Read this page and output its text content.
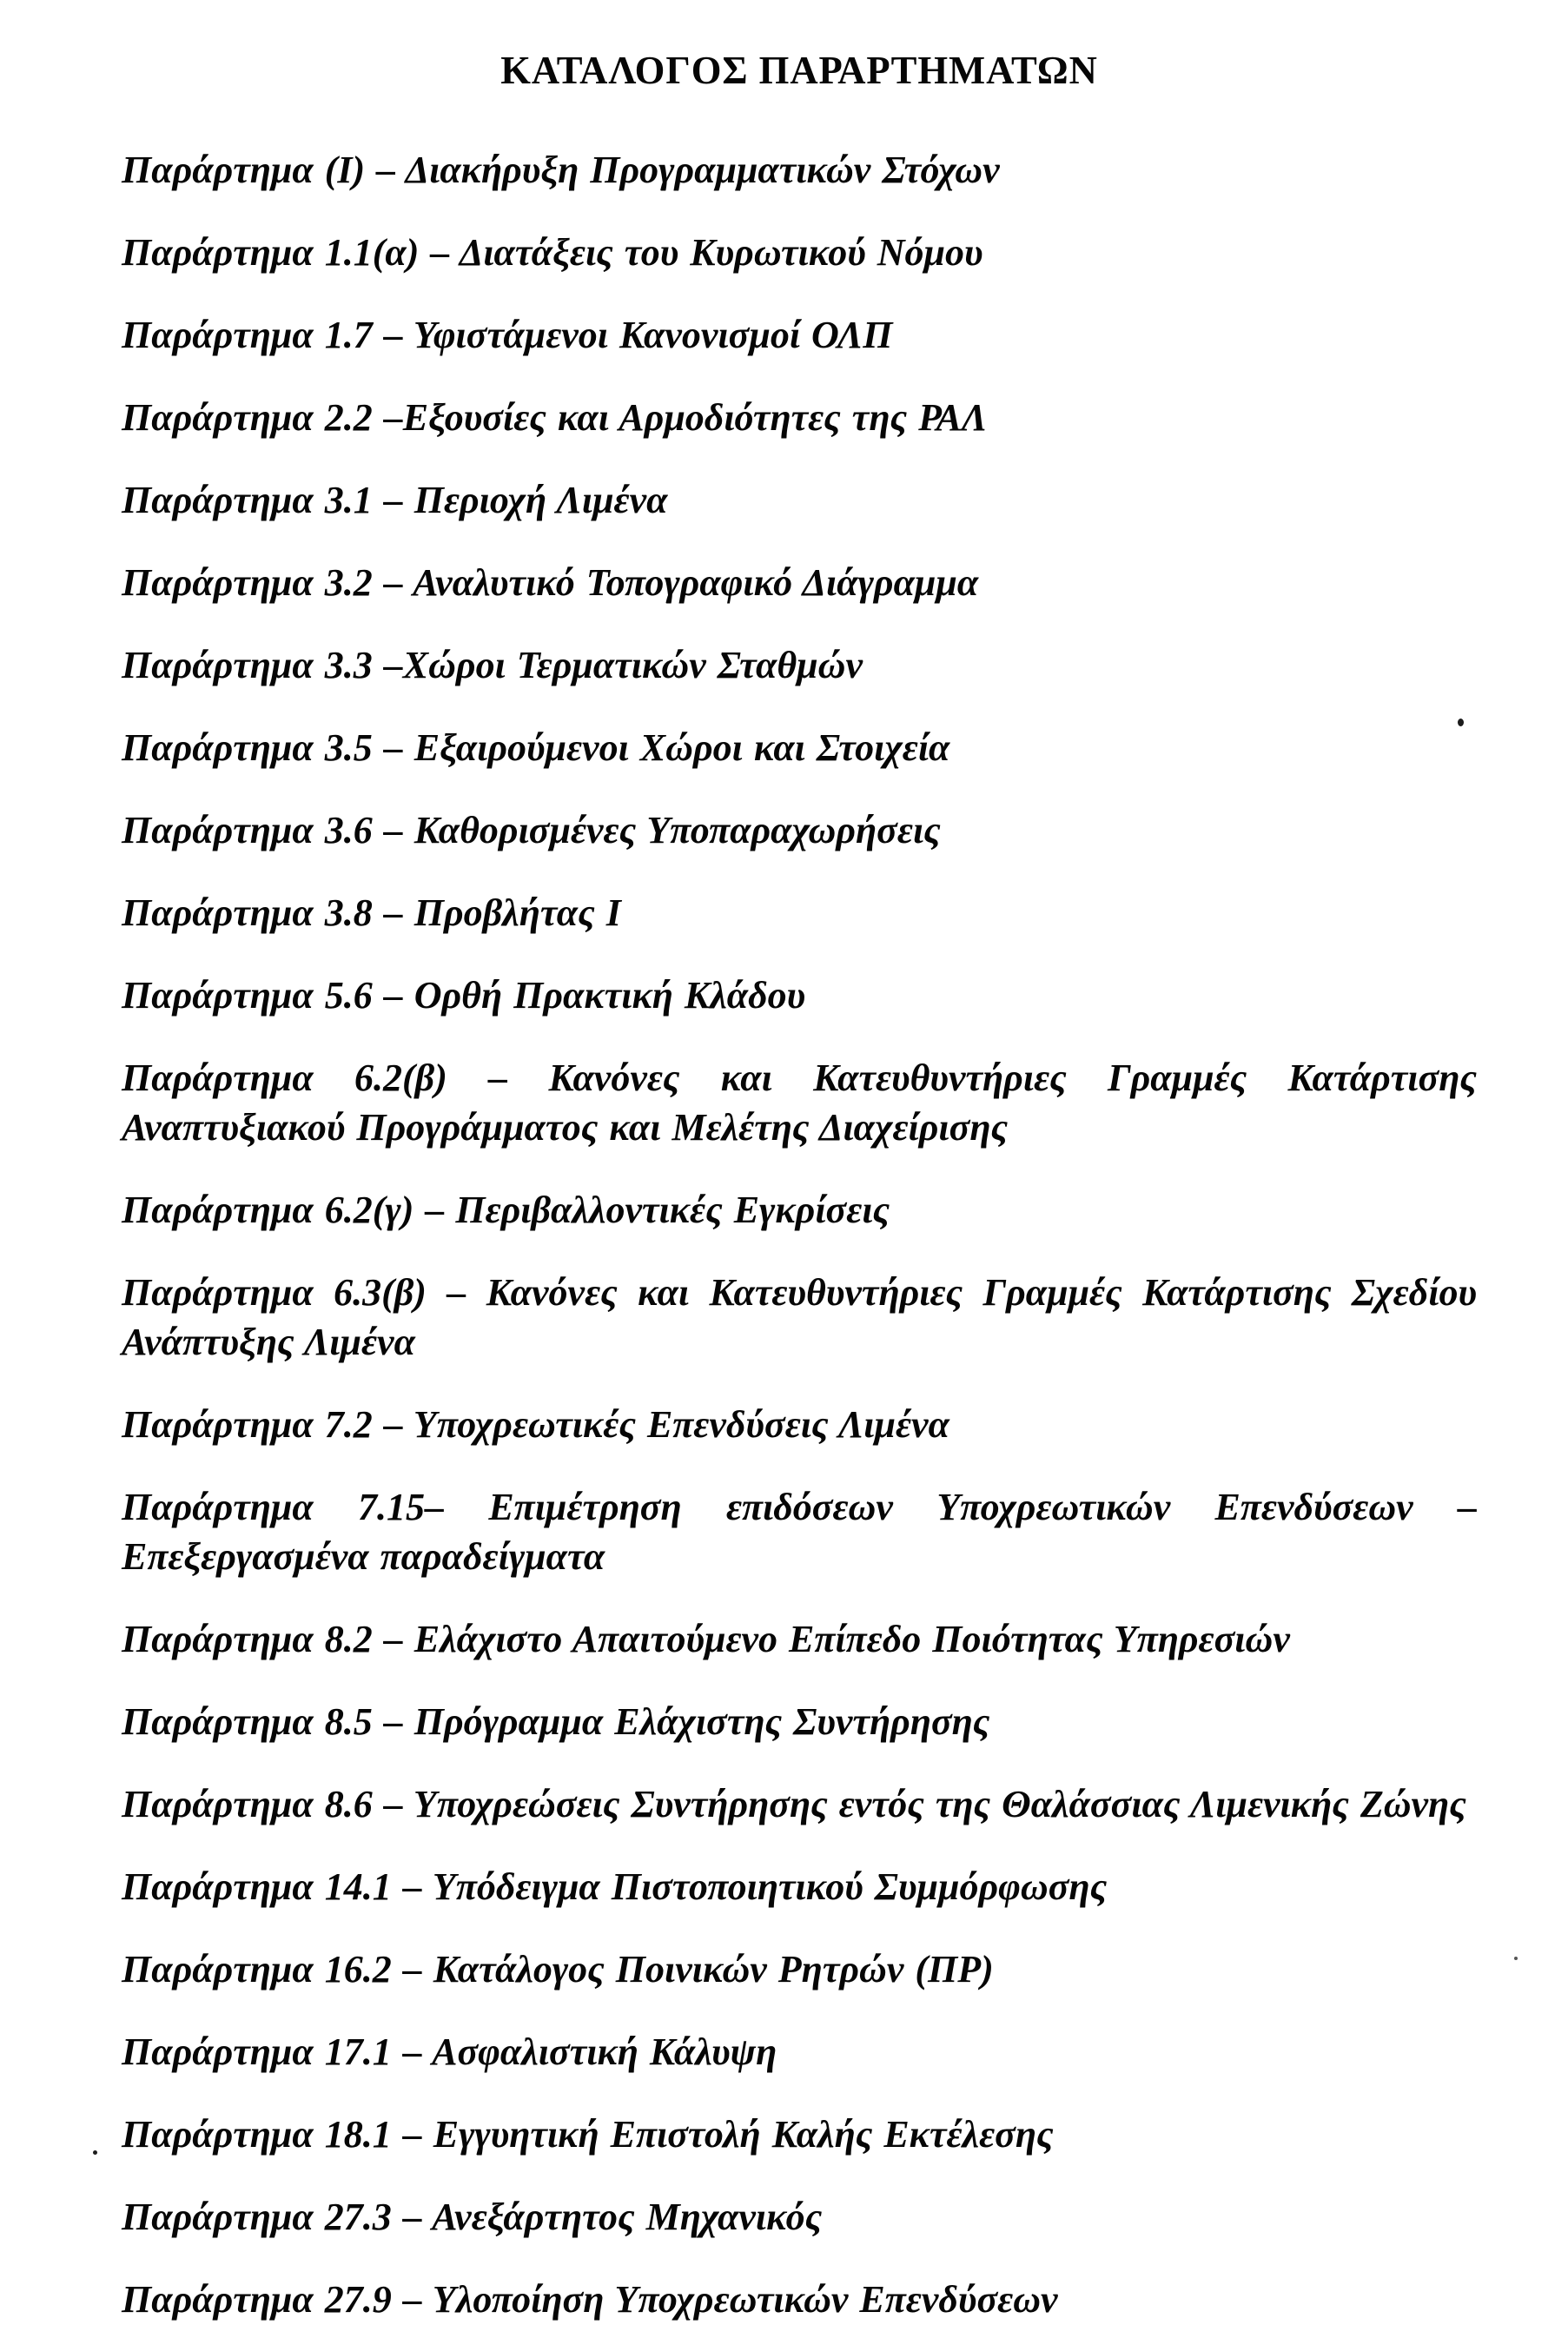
ΚΑΤΑΛΟΓΟΣ ΠΑΡΑΡΤΗΜΑΤΩΝ

Παράρτημα (Ι) – Διακήρυξη Προγραμματικών Στόχων

Παράρτημα 1.1(α) – Διατάξεις του Κυρωτικού Νόμου

Παράρτημα 1.7 – Υφιστάμενοι Κανονισμοί ΟΛΠ

Παράρτημα 2.2 –Εξουσίες και Αρμοδιότητες της ΡΑΛ

Παράρτημα 3.1 – Περιοχή Λιμένα

Παράρτημα 3.2 – Αναλυτικό Τοπογραφικό Διάγραμμα

Παράρτημα 3.3 –Χώροι Τερματικών Σταθμών

Παράρτημα 3.5 – Εξαιρούμενοι Χώροι και Στοιχεία

Παράρτημα 3.6 – Καθορισμένες Υποπαραχωρήσεις

Παράρτημα 3.8 – Προβλήτας Ι

Παράρτημα 5.6 – Ορθή Πρακτική Κλάδου

Παράρτημα 6.2(β) – Κανόνες και Κατευθυντήριες Γραμμές Κατάρτισης Αναπτυξιακού Προγράμματος και Μελέτης Διαχείρισης

Παράρτημα 6.2(γ) – Περιβαλλοντικές Εγκρίσεις

Παράρτημα 6.3(β) – Κανόνες και Κατευθυντήριες Γραμμές Κατάρτισης Σχεδίου Ανάπτυξης Λιμένα

Παράρτημα 7.2 – Υποχρεωτικές Επενδύσεις Λιμένα

Παράρτημα 7.15– Επιμέτρηση επιδόσεων Υποχρεωτικών Επενδύσεων – Επεξεργασμένα παραδείγματα

Παράρτημα 8.2 – Ελάχιστο Απαιτούμενο Επίπεδο Ποιότητας Υπηρεσιών

Παράρτημα 8.5 – Πρόγραμμα Ελάχιστης Συντήρησης

Παράρτημα 8.6 – Υποχρεώσεις Συντήρησης εντός της Θαλάσσιας Λιμενικής Ζώνης

Παράρτημα 14.1 – Υπόδειγμα Πιστοποιητικού Συμμόρφωσης

Παράρτημα 16.2 – Κατάλογος Ποινικών Ρητρών (ΠΡ)

Παράρτημα 17.1 – Ασφαλιστική Κάλυψη

Παράρτημα 18.1 – Εγγυητική Επιστολή Καλής Εκτέλεσης

Παράρτημα 27.3 – Ανεξάρτητος Μηχανικός

Παράρτημα 27.9 – Υλοποίηση Υποχρεωτικών Επενδύσεων
